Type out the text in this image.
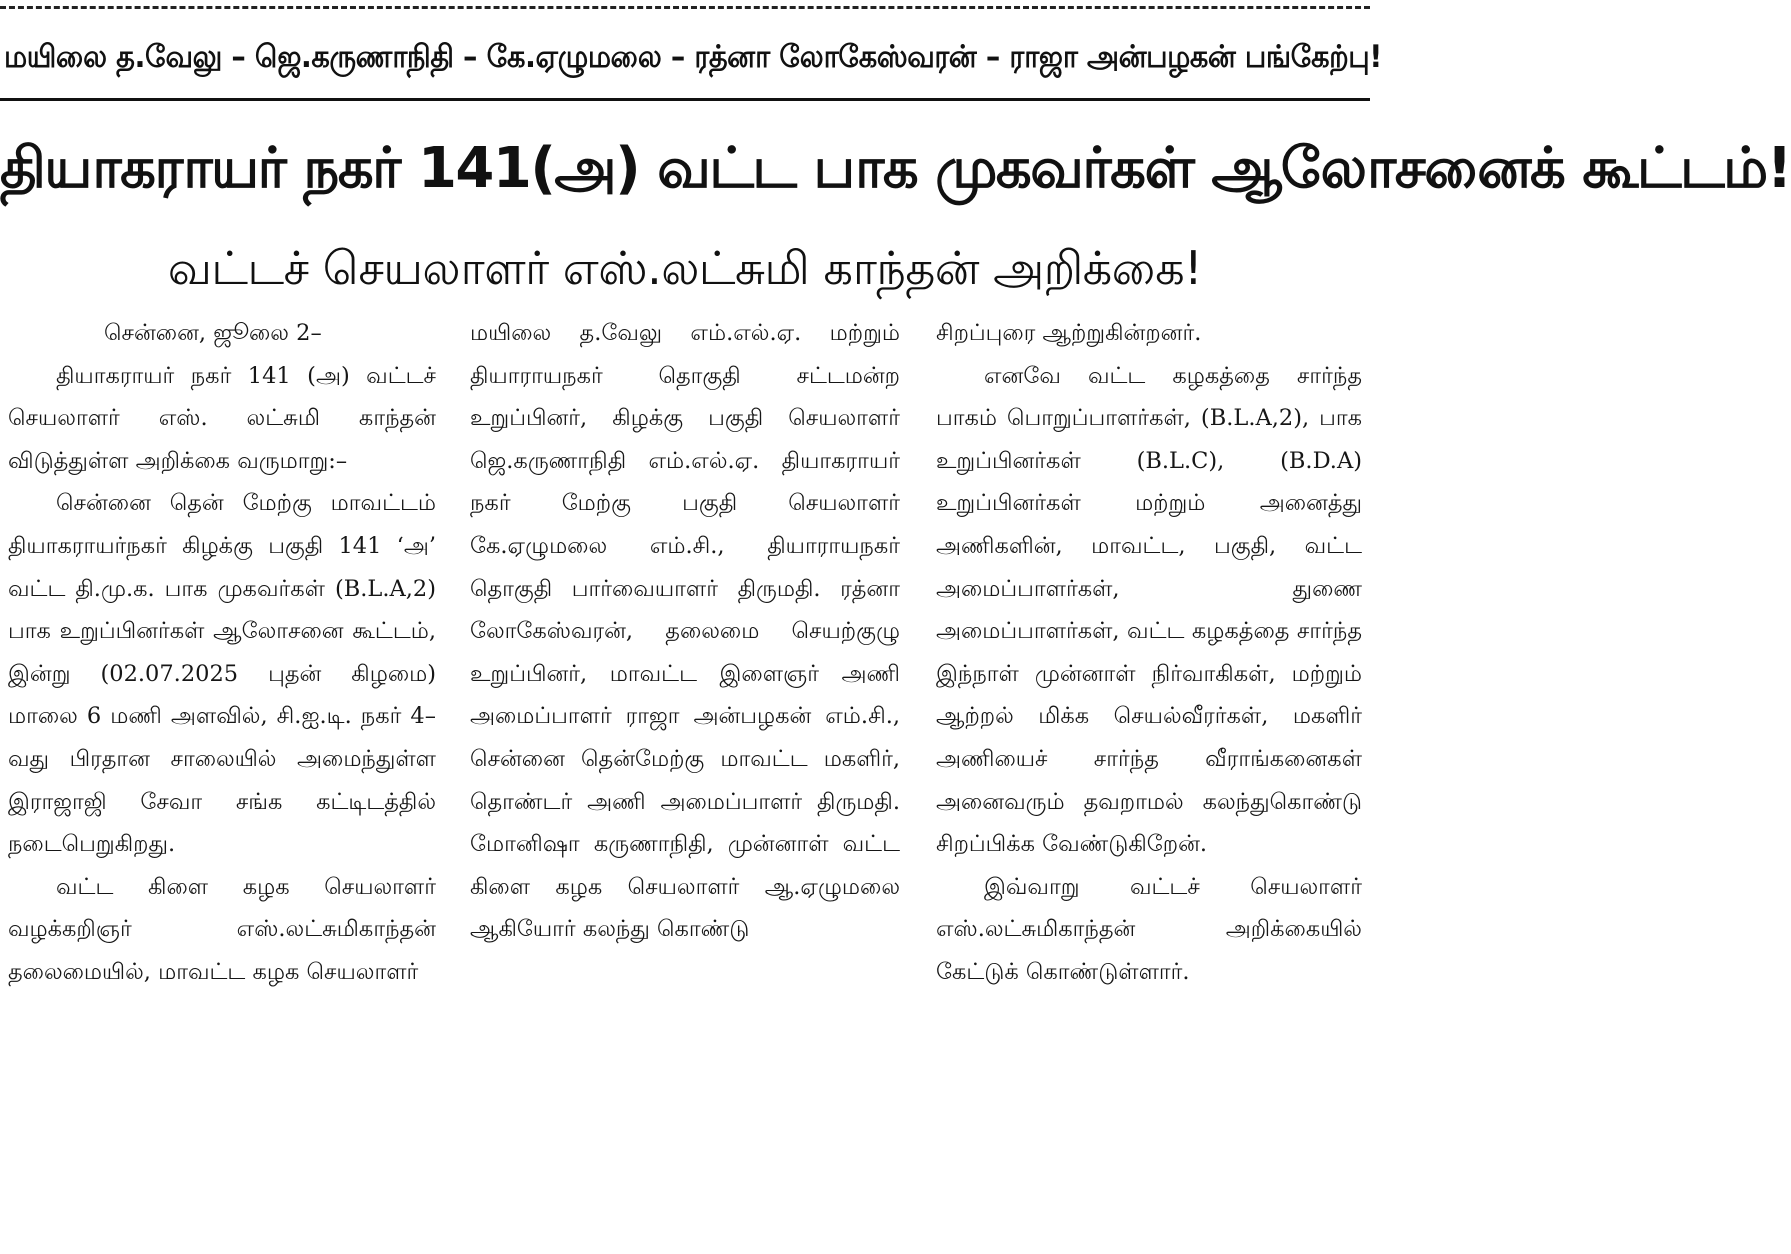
மயிலை த.வேலு – ஜெ.கருணாநிதி – கே.ஏழுமலை – ரத்னா லோகேஸ்வரன் – ராஜா அன்பழகன் பங்கேற்பு!
தியாகராயர் நகர் 141(அ) வட்ட பாக முகவர்கள் ஆலோசனைக் கூட்டம்!
வட்டச் செயலாளர் எஸ்.லட்சுமி காந்தன் அறிக்கை!

சென்னை, ஜூலை 2–

தியாகராயர் நகர் 141 (அ) வட்டச் செயலாளர் எஸ். லட்சுமி காந்தன் விடுத்துள்ள அறிக்கை வருமாறு:–

சென்னை தென் மேற்கு மாவட்டம் தியாகராயர்நகர் கிழக்கு பகுதி 141 ‘அ’ வட்ட தி.மு.க. பாக முகவர்கள் (B.L.A,2) பாக உறுப்பினர்கள் ஆலோசனை கூட்டம், இன்று (02.07.2025 புதன் கிழமை) மாலை 6 மணி அளவில், சி.ஐ.டி. நகர் 4–வது பிரதான சாலையில் அமைந்துள்ள இராஜாஜி சேவா சங்க கட்டிடத்தில் நடைபெறுகிறது.

வட்ட கிளை கழக செயலாளர் வழக்கறிஞர் எஸ்.லட்சுமிகாந்தன் தலைமையில், மாவட்ட கழக செயலாளர்

மயிலை த.வேலு எம்.எல்.ஏ. மற்றும் தியாராயநகர் தொகுதி சட்டமன்ற உறுப்பினர், கிழக்கு பகுதி செயலாளர் ஜெ.கருணாநிதி எம்.எல்.ஏ. தியாகராயர் நகர் மேற்கு பகுதி செயலாளர் கே.ஏழுமலை எம்.சி., தியாராயநகர் தொகுதி பார்வையாளர் திருமதி. ரத்னா லோகேஸ்வரன், தலைமை செயற்குழு உறுப்பினர், மாவட்ட இளைஞர் அணி அமைப்பாளர் ராஜா அன்பழகன் எம்.சி., சென்னை தென்மேற்கு மாவட்ட மகளிர், தொண்டர் அணி அமைப்பாளர் திருமதி. மோனிஷா கருணாநிதி, முன்னாள் வட்ட கிளை கழக செயலாளர் ஆ.ஏழுமலை ஆகியோர் கலந்து கொண்டு

சிறப்புரை ஆற்றுகின்றனர்.

எனவே வட்ட கழகத்தை சார்ந்த பாகம் பொறுப்பாளர்கள், (B.L.A,2), பாக உறுப்பினர்கள் (B.L.C), (B.D.A) உறுப்பினர்கள் மற்றும் அனைத்து அணிகளின், மாவட்ட, பகுதி, வட்ட அமைப்பாளர்கள், துணை அமைப்பாளர்கள், வட்ட கழகத்தை சார்ந்த இந்நாள் முன்னாள் நிர்வாகிகள், மற்றும் ஆற்றல் மிக்க செயல்வீரர்கள், மகளிர் அணியைச் சார்ந்த வீராங்கனைகள் அனைவரும் தவறாமல் கலந்துகொண்டு சிறப்பிக்க வேண்டுகிறேன்.

இவ்வாறு வட்டச் செயலாளர் எஸ்.லட்சுமிகாந்தன் அறிக்கையில் கேட்டுக் கொண்டுள்ளார்.
